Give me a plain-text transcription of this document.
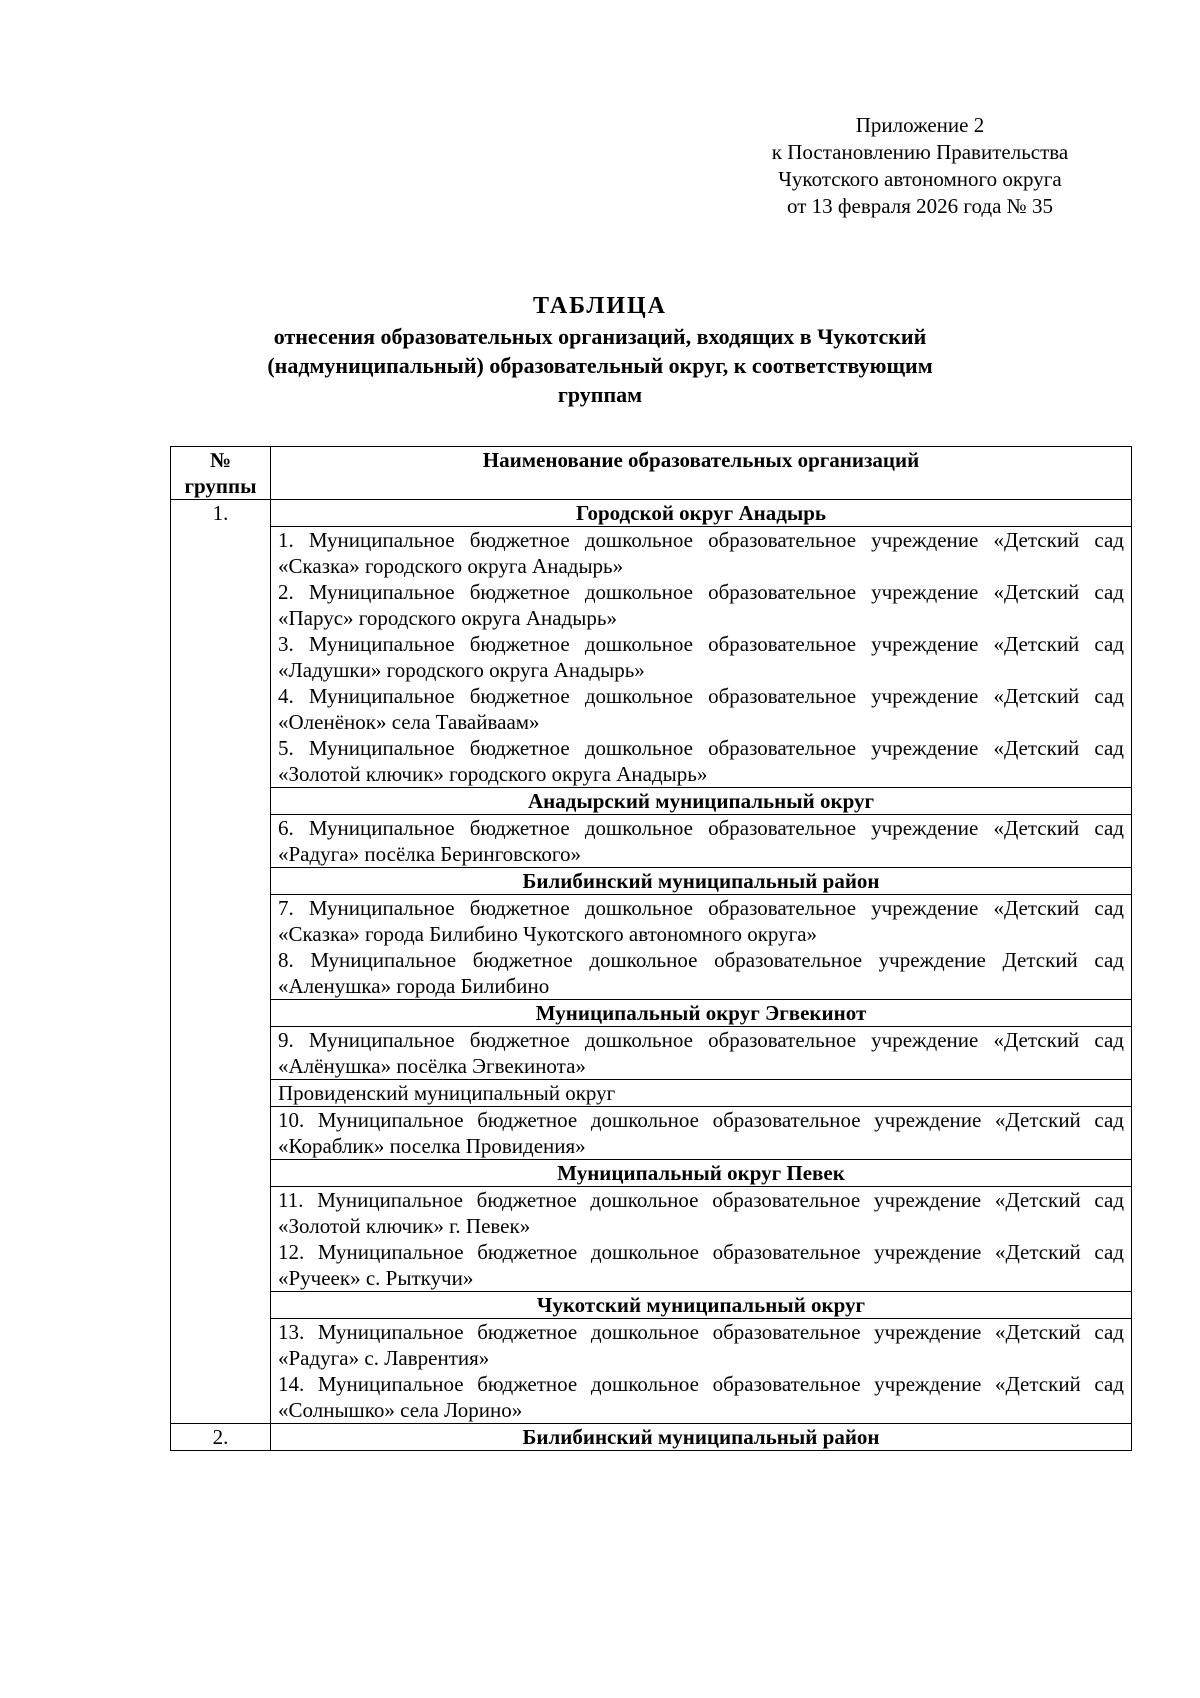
Приложение 2
к Постановлению Правительства
Чукотского автономного округа
от 13 февраля 2026 года № 35
ТАБЛИЦА
отнесения образовательных организаций, входящих в Чукотский
(надмуниципальный) образовательный округ, к соответствующим
группам
№
группы	Наименование образовательных организаций
1.	Городской округ Анадырь

	1. Муниципальное бюджетное дошкольное образовательное учреждение «Детский сад «Сказка» городского округа Анадырь»
2. Муниципальное бюджетное дошкольное образовательное учреждение «Детский сад «Парус» городского округа Анадырь»
3. Муниципальное бюджетное дошкольное образовательное учреждение «Детский сад «Ладушки» городского округа Анадырь»
4. Муниципальное бюджетное дошкольное образовательное учреждение «Детский сад «Оленёнок» села Тавайваам»
5. Муниципальное бюджетное дошкольное образовательное учреждение «Детский сад «Золотой ключик» городского округа Анадырь»

	Анадырский муниципальный округ

	6. Муниципальное бюджетное дошкольное образовательное учреждение «Детский сад «Радуга» посёлка Беринговского»

	Билибинский муниципальный район

	7. Муниципальное бюджетное дошкольное образовательное учреждение «Детский сад «Сказка» города Билибино Чукотского автономного округа»
8. Муниципальное бюджетное дошкольное образовательное учреждение Детский сад «Аленушка» города Билибино

	Муниципальный округ Эгвекинот

	9. Муниципальное бюджетное дошкольное образовательное учреждение «Детский сад «Алёнушка» посёлка Эгвекинота»

	Провиденский муниципальный округ

	10. Муниципальное бюджетное дошкольное образовательное учреждение «Детский сад «Кораблик» поселка Провидения»

	Муниципальный округ Певек

	11. Муниципальное бюджетное дошкольное образовательное учреждение «Детский сад «Золотой ключик» г. Певек»
12. Муниципальное бюджетное дошкольное образовательное учреждение «Детский сад «Ручеек» с. Рыткучи»

	Чукотский муниципальный округ

	13. Муниципальное бюджетное дошкольное образовательное учреждение «Детский сад «Радуга» с. Лаврентия»
14. Муниципальное бюджетное дошкольное образовательное учреждение «Детский сад «Солнышко» села Лорино»

2.	Билибинский муниципальный район
